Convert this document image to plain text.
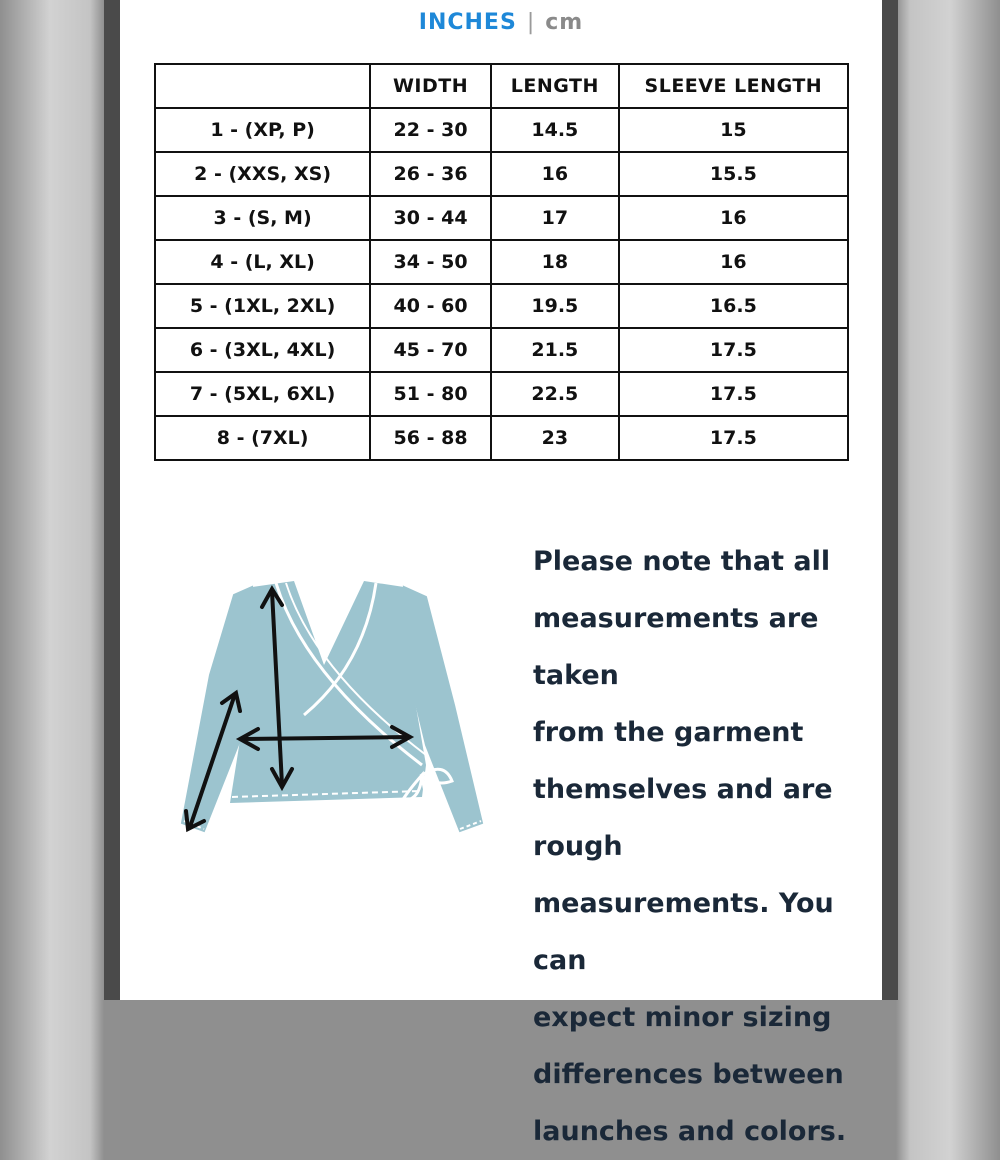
INCHES | cm
	WIDTH	LENGTH	SLEEVE LENGTH
1 - (XP, P)	22 - 30	14.5	15
2 - (XXS, XS)	26 - 36	16	15.5
3 - (S, M)	30 - 44	17	16
4 - (L, XL)	34 - 50	18	16
5 - (1XL, 2XL)	40 - 60	19.5	16.5
6 - (3XL, 4XL)	45 - 70	21.5	17.5
7 - (5XL, 6XL)	51 - 80	22.5	17.5
8 - (7XL)	56 - 88	23	17.5
Please note that all
measurements are taken
from the garment
themselves and are rough
measurements. You can
expect minor sizing
differences between
launches and colors.
